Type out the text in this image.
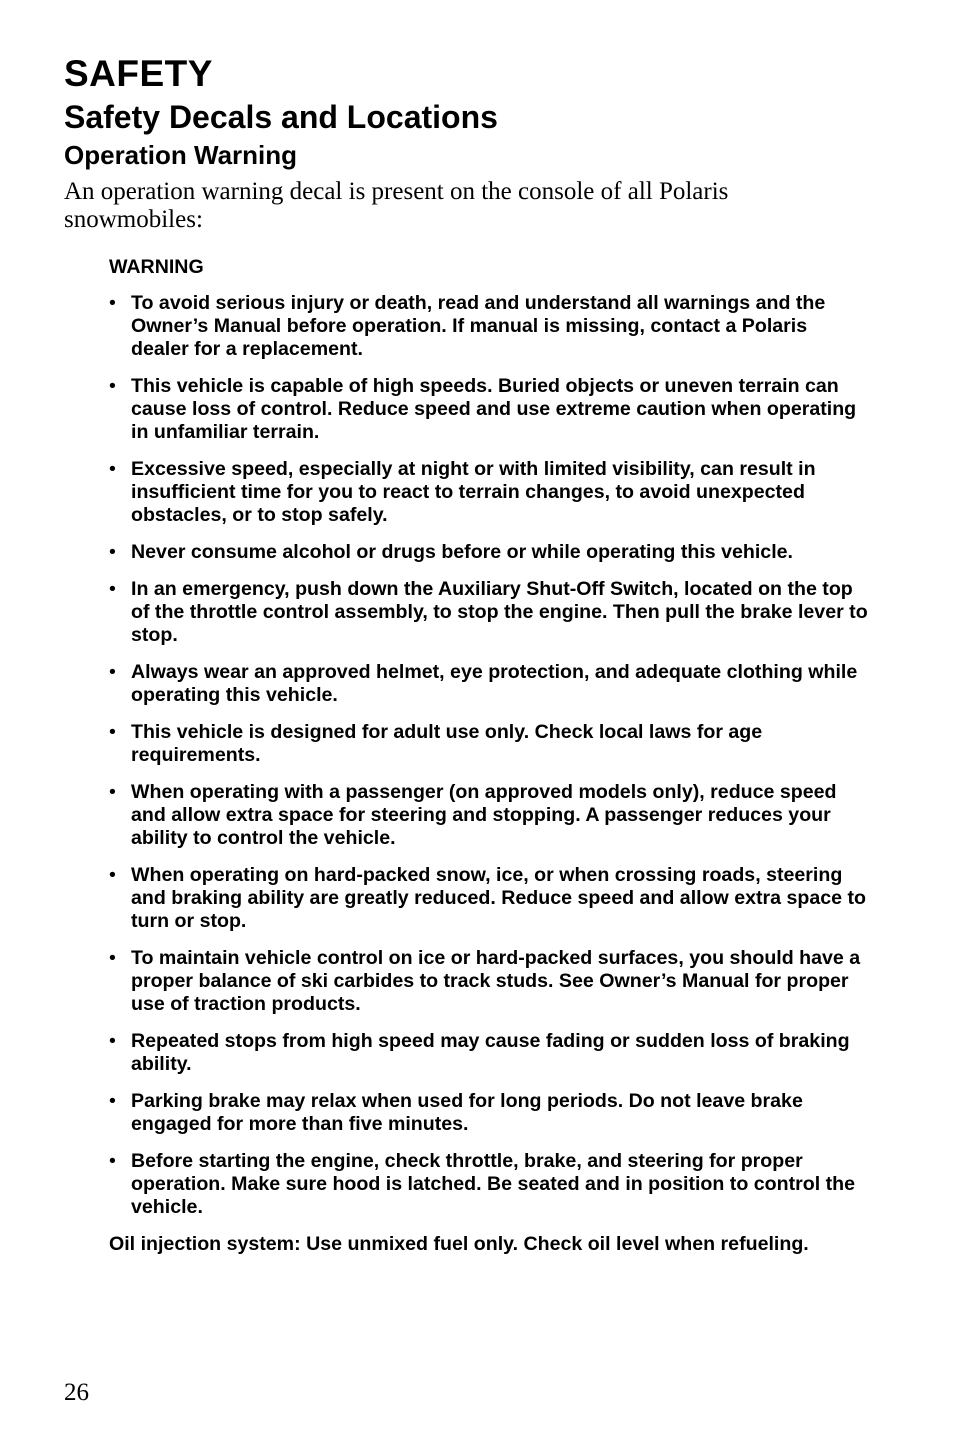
SAFETY
Safety Decals and Locations
Operation Warning

An operation warning decal is present on the console of all Polaris snowmobiles:

WARNING
• To avoid serious injury or death, read and understand all warnings and the Owner’s Manual before operation. If manual is missing, contact a Polaris dealer for a replacement.
• This vehicle is capable of high speeds. Buried objects or uneven terrain can cause loss of control. Reduce speed and use extreme caution when operating in unfamiliar terrain.
• Excessive speed, especially at night or with limited visibility, can result in insufficient time for you to react to terrain changes, to avoid unexpected obstacles, or to stop safely.
• Never consume alcohol or drugs before or while operating this vehicle.
• In an emergency, push down the Auxiliary Shut-Off Switch, located on the top of the throttle control assembly, to stop the engine. Then pull the brake lever to stop.
• Always wear an approved helmet, eye protection, and adequate clothing while operating this vehicle.
• This vehicle is designed for adult use only. Check local laws for age requirements.
• When operating with a passenger (on approved models only), reduce speed and allow extra space for steering and stopping. A passenger reduces your ability to control the vehicle.
• When operating on hard-packed snow, ice, or when crossing roads, steering and braking ability are greatly reduced. Reduce speed and allow extra space to turn or stop.
• To maintain vehicle control on ice or hard-packed surfaces, you should have a proper balance of ski carbides to track studs. See Owner’s Manual for proper use of traction products.
• Repeated stops from high speed may cause fading or sudden loss of braking ability.
• Parking brake may relax when used for long periods. Do not leave brake engaged for more than five minutes.
• Before starting the engine, check throttle, brake, and steering for proper operation. Make sure hood is latched. Be seated and in position to control the vehicle.
Oil injection system: Use unmixed fuel only. Check oil level when refueling.
26
